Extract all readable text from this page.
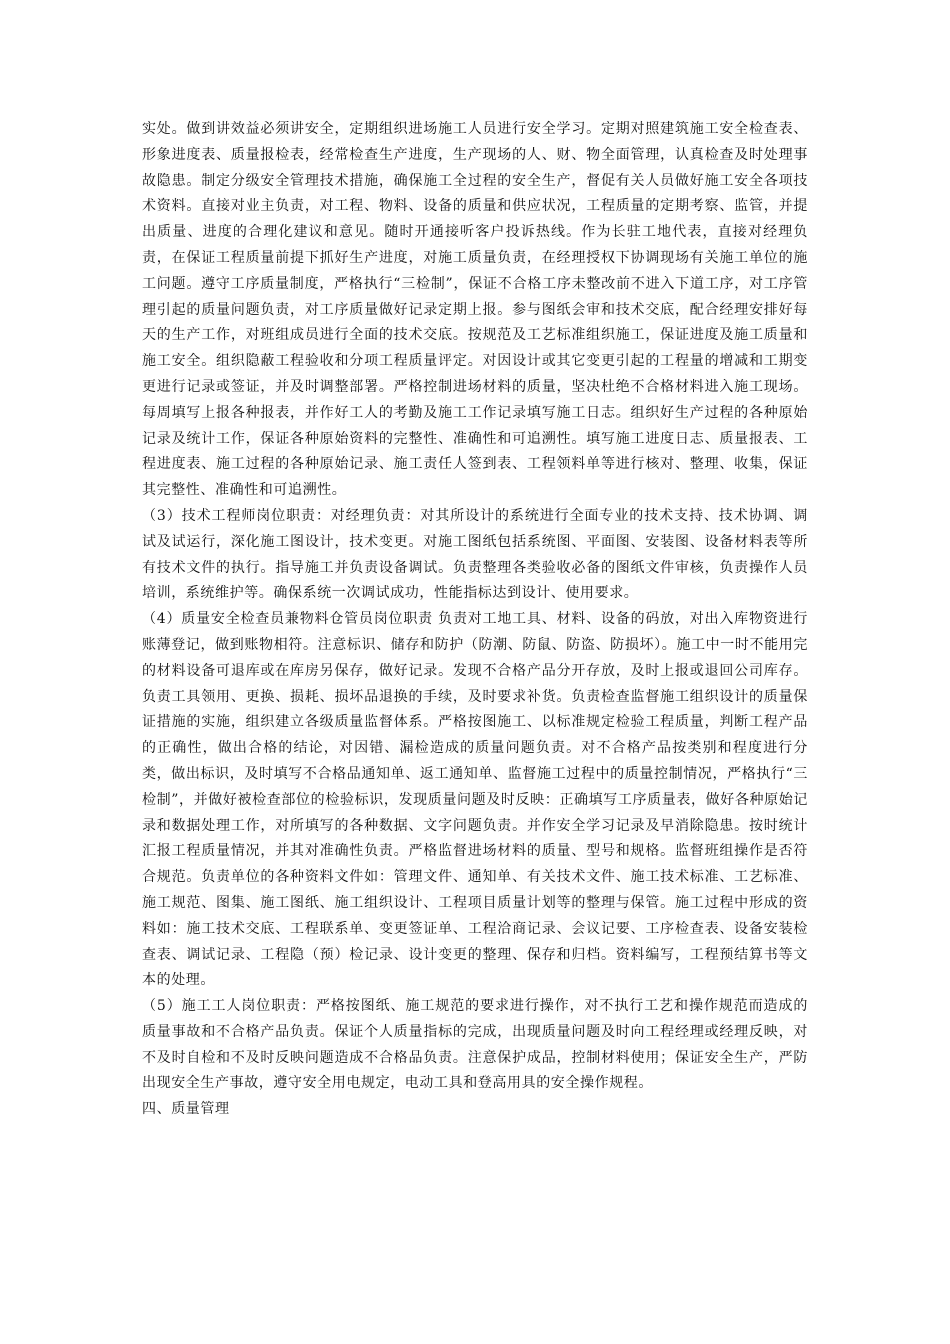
实处。做到讲效益必须讲安全，定期组织进场施工人员进行安全学习。定期对照建筑施工安全检查表、形象进度表、质量报检表，经常检查生产进度，生产现场的人、财、物全面管理，认真检查及时处理事故隐患。制定分级安全管理技术措施，确保施工全过程的安全生产，督促有关人员做好施工安全各项技术资料。直接对业主负责，对工程、物料、设备的质量和供应状况，工程质量的定期考察、监管，并提出质量、进度的合理化建议和意见。随时开通接听客户投诉热线。作为长驻工地代表，直接对经理负责，在保证工程质量前提下抓好生产进度，对施工质量负责，在经理授权下协调现场有关施工单位的施工问题。遵守工序质量制度，严格执行“三检制”，保证不合格工序未整改前不进入下道工序，对工序管理引起的质量问题负责，对工序质量做好记录定期上报。参与图纸会审和技术交底，配合经理安排好每天的生产工作，对班组成员进行全面的技术交底。按规范及工艺标准组织施工，保证进度及施工质量和施工安全。组织隐蔽工程验收和分项工程质量评定。对因设计或其它变更引起的工程量的增减和工期变更进行记录或签证，并及时调整部署。严格控制进场材料的质量，坚决杜绝不合格材料进入施工现场。每周填写上报各种报表，并作好工人的考勤及施工工作记录填写施工日志。组织好生产过程的各种原始记录及统计工作，保证各种原始资料的完整性、准确性和可追溯性。填写施工进度日志、质量报表、工程进度表、施工过程的各种原始记录、施工责任人签到表、工程领料单等进行核对、整理、收集，保证其完整性、准确性和可追溯性。

（3）技术工程师岗位职责：对经理负责：对其所设计的系统进行全面专业的技术支持、技术协调、调试及试运行，深化施工图设计，技术变更。对施工图纸包括系统图、平面图、安装图、设备材料表等所有技术文件的执行。指导施工并负责设备调试。负责整理各类验收必备的图纸文件审核，负责操作人员培训，系统维护等。确保系统一次调试成功，性能指标达到设计、使用要求。

（4）质量安全检查员兼物料仓管员岗位职责 负责对工地工具、材料、设备的码放，对出入库物资进行账薄登记，做到账物相符。注意标识、储存和防护（防潮、防鼠、防盗、防损坏）。施工中一时不能用完的材料设备可退库或在库房另保存，做好记录。发现不合格产品分开存放，及时上报或退回公司库存。负责工具领用、更换、损耗、损坏品退换的手续，及时要求补货。负责检查监督施工组织设计的质量保证措施的实施，组织建立各级质量监督体系。严格按图施工、以标准规定检验工程质量，判断工程产品的正确性，做出合格的结论，对因错、漏检造成的质量问题负责。对不合格产品按类别和程度进行分类，做出标识，及时填写不合格品通知单、返工通知单、监督施工过程中的质量控制情况，严格执行“三检制”，并做好被检查部位的检验标识，发现质量问题及时反映：正确填写工序质量表，做好各种原始记录和数据处理工作，对所填写的各种数据、文字问题负责。并作安全学习记录及早消除隐患。按时统计汇报工程质量情况，并其对准确性负责。严格监督进场材料的质量、型号和规格。监督班组操作是否符合规范。负责单位的各种资料文件如：管理文件、通知单、有关技术文件、施工技术标准、工艺标准、施工规范、图集、施工图纸、施工组织设计、工程项目质量计划等的整理与保管。施工过程中形成的资料如：施工技术交底、工程联系单、变更签证单、工程洽商记录、会议记要、工序检查表、设备安装检查表、调试记录、工程隐（预）检记录、设计变更的整理、保存和归档。资料编写，工程预结算书等文本的处理。

（5）施工工人岗位职责：严格按图纸、施工规范的要求进行操作，对不执行工艺和操作规范而造成的质量事故和不合格产品负责。保证个人质量指标的完成，出现质量问题及时向工程经理或经理反映，对不及时自检和不及时反映问题造成不合格品负责。注意保护成品，控制材料使用；保证安全生产，严防出现安全生产事故，遵守安全用电规定，电动工具和登高用具的安全操作规程。

四、质量管理
